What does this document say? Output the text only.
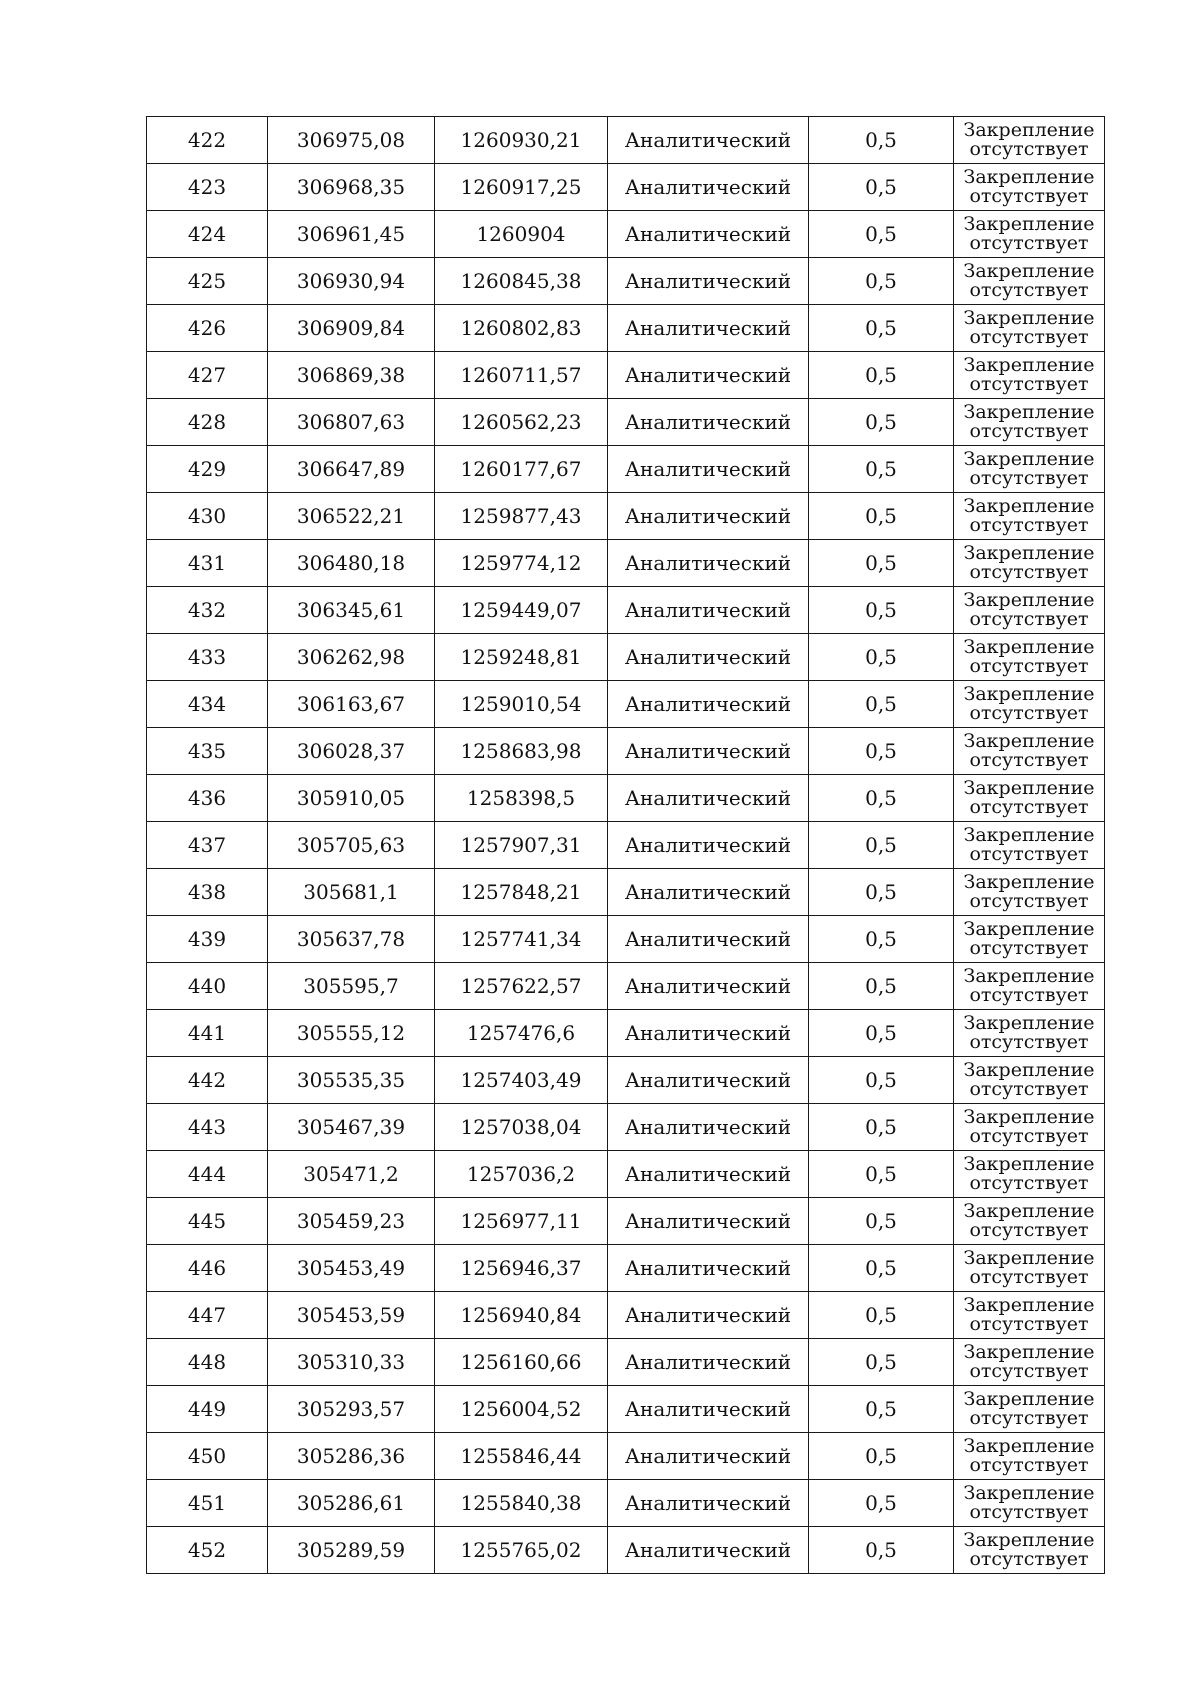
422	306975,08	1260930,21	Аналитический	0,5	Закрепление
отсутствует

423	306968,35	1260917,25	Аналитический	0,5	Закрепление
отсутствует

424	306961,45	1260904	Аналитический	0,5	Закрепление
отсутствует

425	306930,94	1260845,38	Аналитический	0,5	Закрепление
отсутствует

426	306909,84	1260802,83	Аналитический	0,5	Закрепление
отсутствует

427	306869,38	1260711,57	Аналитический	0,5	Закрепление
отсутствует

428	306807,63	1260562,23	Аналитический	0,5	Закрепление
отсутствует

429	306647,89	1260177,67	Аналитический	0,5	Закрепление
отсутствует

430	306522,21	1259877,43	Аналитический	0,5	Закрепление
отсутствует

431	306480,18	1259774,12	Аналитический	0,5	Закрепление
отсутствует

432	306345,61	1259449,07	Аналитический	0,5	Закрепление
отсутствует

433	306262,98	1259248,81	Аналитический	0,5	Закрепление
отсутствует

434	306163,67	1259010,54	Аналитический	0,5	Закрепление
отсутствует

435	306028,37	1258683,98	Аналитический	0,5	Закрепление
отсутствует

436	305910,05	1258398,5	Аналитический	0,5	Закрепление
отсутствует

437	305705,63	1257907,31	Аналитический	0,5	Закрепление
отсутствует

438	305681,1	1257848,21	Аналитический	0,5	Закрепление
отсутствует

439	305637,78	1257741,34	Аналитический	0,5	Закрепление
отсутствует

440	305595,7	1257622,57	Аналитический	0,5	Закрепление
отсутствует

441	305555,12	1257476,6	Аналитический	0,5	Закрепление
отсутствует

442	305535,35	1257403,49	Аналитический	0,5	Закрепление
отсутствует

443	305467,39	1257038,04	Аналитический	0,5	Закрепление
отсутствует

444	305471,2	1257036,2	Аналитический	0,5	Закрепление
отсутствует

445	305459,23	1256977,11	Аналитический	0,5	Закрепление
отсутствует

446	305453,49	1256946,37	Аналитический	0,5	Закрепление
отсутствует

447	305453,59	1256940,84	Аналитический	0,5	Закрепление
отсутствует

448	305310,33	1256160,66	Аналитический	0,5	Закрепление
отсутствует

449	305293,57	1256004,52	Аналитический	0,5	Закрепление
отсутствует

450	305286,36	1255846,44	Аналитический	0,5	Закрепление
отсутствует

451	305286,61	1255840,38	Аналитический	0,5	Закрепление
отсутствует

452	305289,59	1255765,02	Аналитический	0,5	Закрепление
отсутствует
